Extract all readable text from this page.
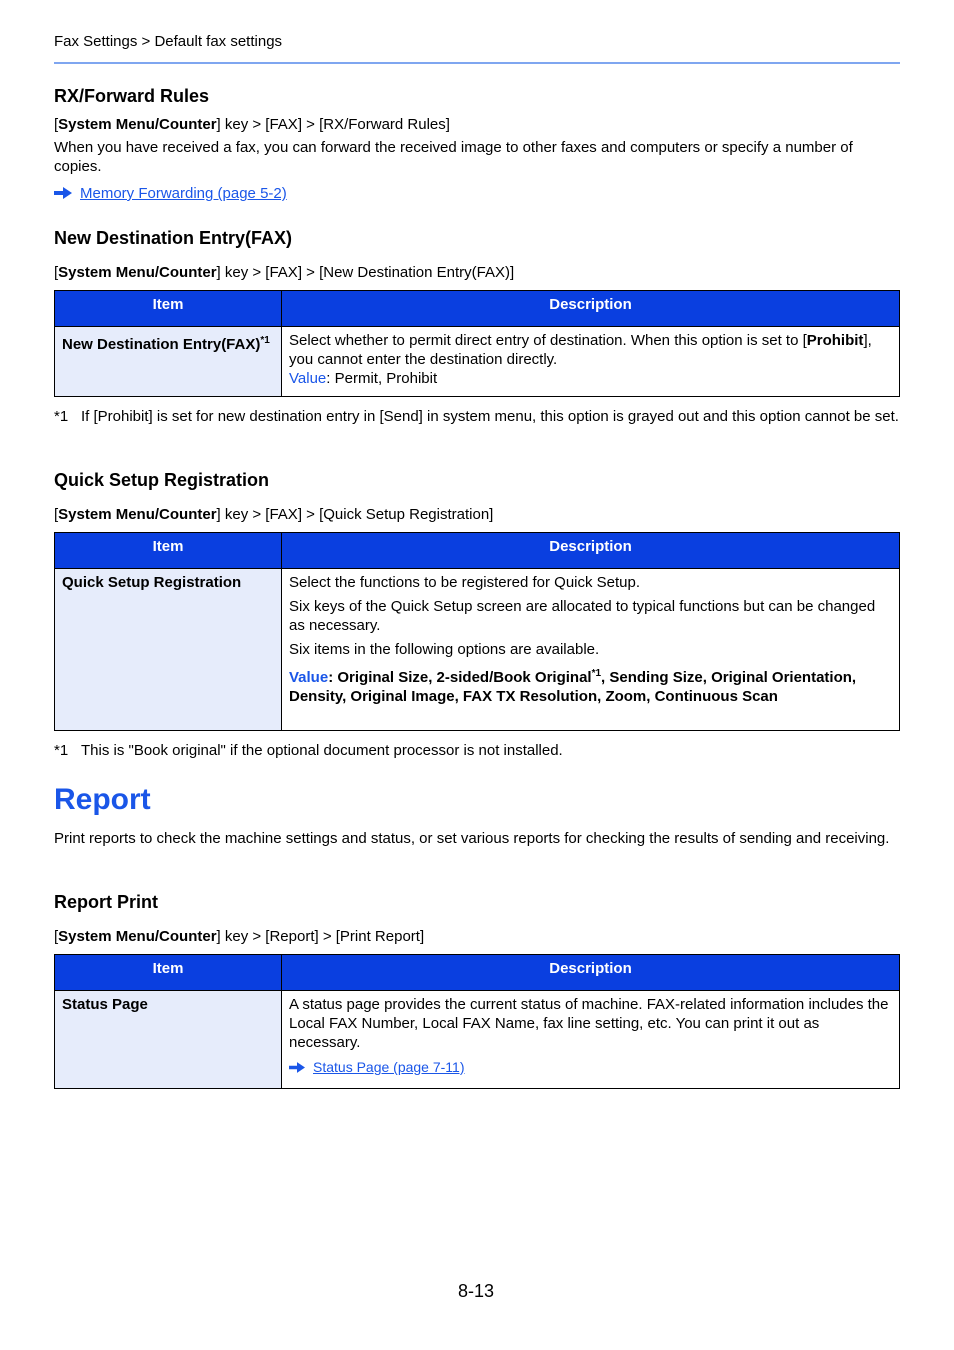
Fax Settings > Default fax settings
RX/Forward Rules
[System Menu/Counter] key > [FAX] > [RX/Forward Rules]
When you have received a fax, you can forward the received image to other faxes and computers or specify a number of copies.
Memory Forwarding (page 5-2)
New Destination Entry(FAX)
[System Menu/Counter] key > [FAX] > [New Destination Entry(FAX)]
Item	Description
New Destination Entry(FAX)$^{*1}$	Select whether to permit direct entry of destination. When this option is set to [Prohibit], you cannot enter the destination directly.
Value: Permit, Prohibit
*1 If [Prohibit] is set for new destination entry in [Send] in system menu, this option is grayed out and this option cannot be set.
Quick Setup Registration
[System Menu/Counter] key > [FAX] > [Quick Setup Registration]
Item	Description
Quick Setup Registration	Select the functions to be registered for Quick Setup.

Six keys of the Quick Setup screen are allocated to typical functions but can be changed as necessary.

Six items in the following options are available.

Value: Original Size, 2-sided/Book Original$^{*1}$, Sending Size, Original Orientation, Density, Original Image, FAX TX Resolution, Zoom, Continuous Scan

*1 This is "Book original" if the optional document processor is not installed.
Report
Print reports to check the machine settings and status, or set various reports for checking the results of sending and receiving.
Report Print
[System Menu/Counter] key > [Report] > [Print Report]
Item	Description
Status Page	A status page provides the current status of machine. FAX-related information includes the Local FAX Number, Local FAX Name, fax line setting, etc. You can print it out as necessary.

Status Page (page 7-11)
8-13
